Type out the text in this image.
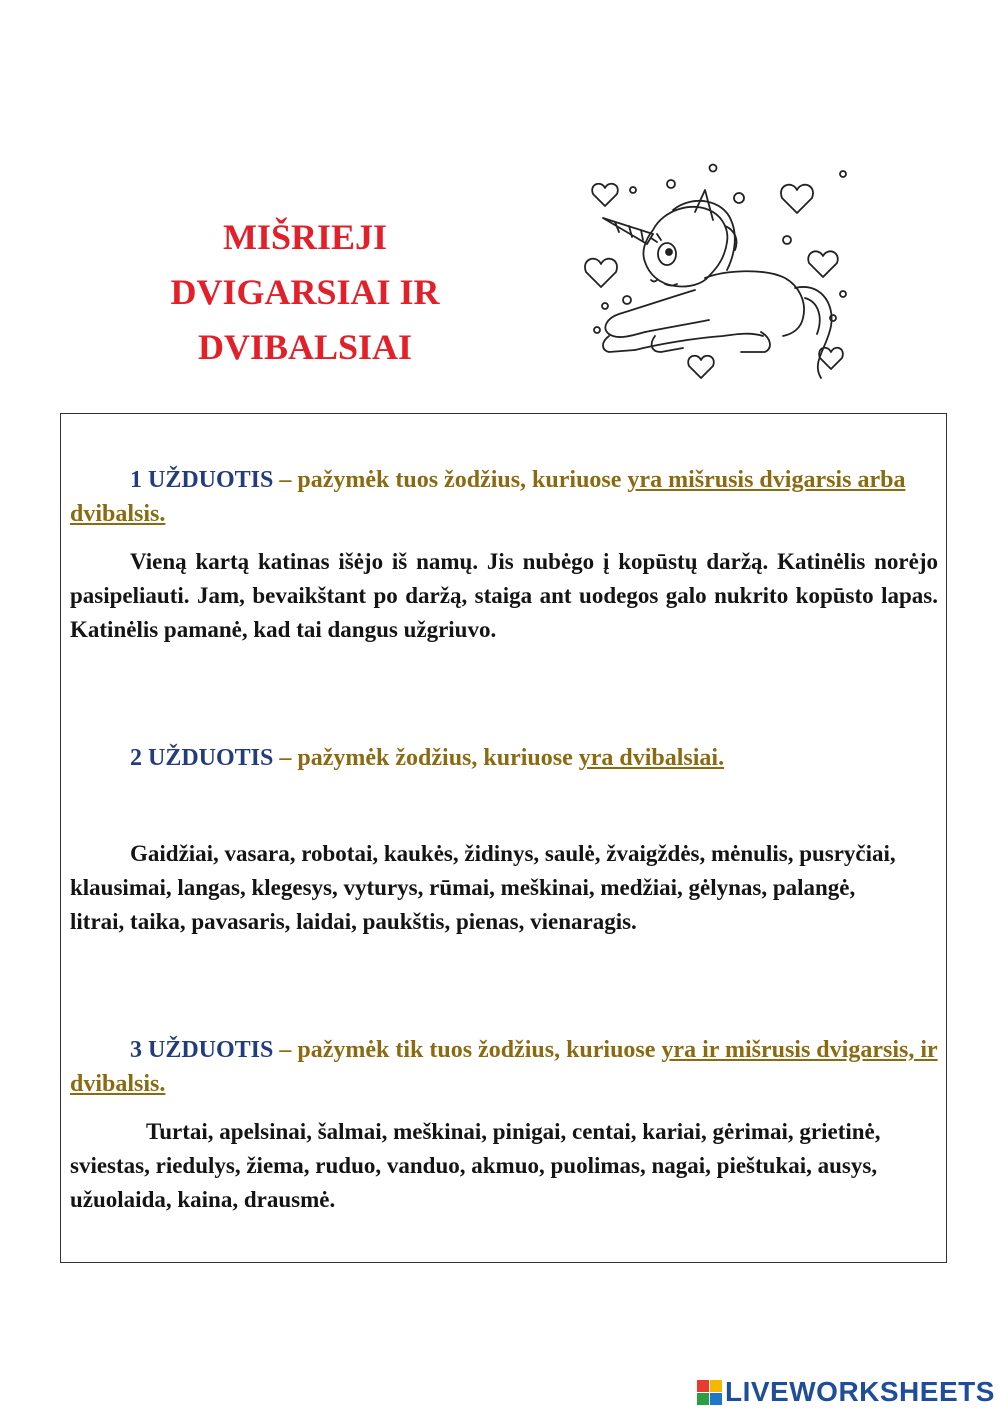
MIŠRIEJI
DVIGARSIAI IR
DVIBALSIAI
1 UŽDUOTIS – pažymėk tuos žodžius, kuriuose yra mišrusis dvigarsis arba dvibalsis.
Vieną kartą katinas išėjo iš namų. Jis nubėgo į kopūstų daržą. Katinėlis norėjo pasipeliauti. Jam, bevaikštant po daržą, staiga ant uodegos galo nukrito kopūsto lapas. Katinėlis pamanė, kad tai dangus užgriuvo.
2 UŽDUOTIS – pažymėk žodžius, kuriuose yra dvibalsiai.
Gaidžiai, vasara, robotai, kaukės, židinys, saulė, žvaigždės, mėnulis, pusryčiai, klausimai, langas, klegesys, vyturys, rūmai, meškinai, medžiai, gėlynas, palangė, litrai, taika, pavasaris, laidai, paukštis, pienas, vienaragis.
3 UŽDUOTIS – pažymėk tik tuos žodžius, kuriuose yra ir mišrusis dvigarsis, ir dvibalsis.
Turtai, apelsinai, šalmai, meškinai, pinigai, centai, kariai, gėrimai, grietinė, sviestas, riedulys, žiema, ruduo, vanduo, akmuo, puolimas, nagai, pieštukai, ausys, užuolaida, kaina, drausmė.
LIVEWORKSHEETS
